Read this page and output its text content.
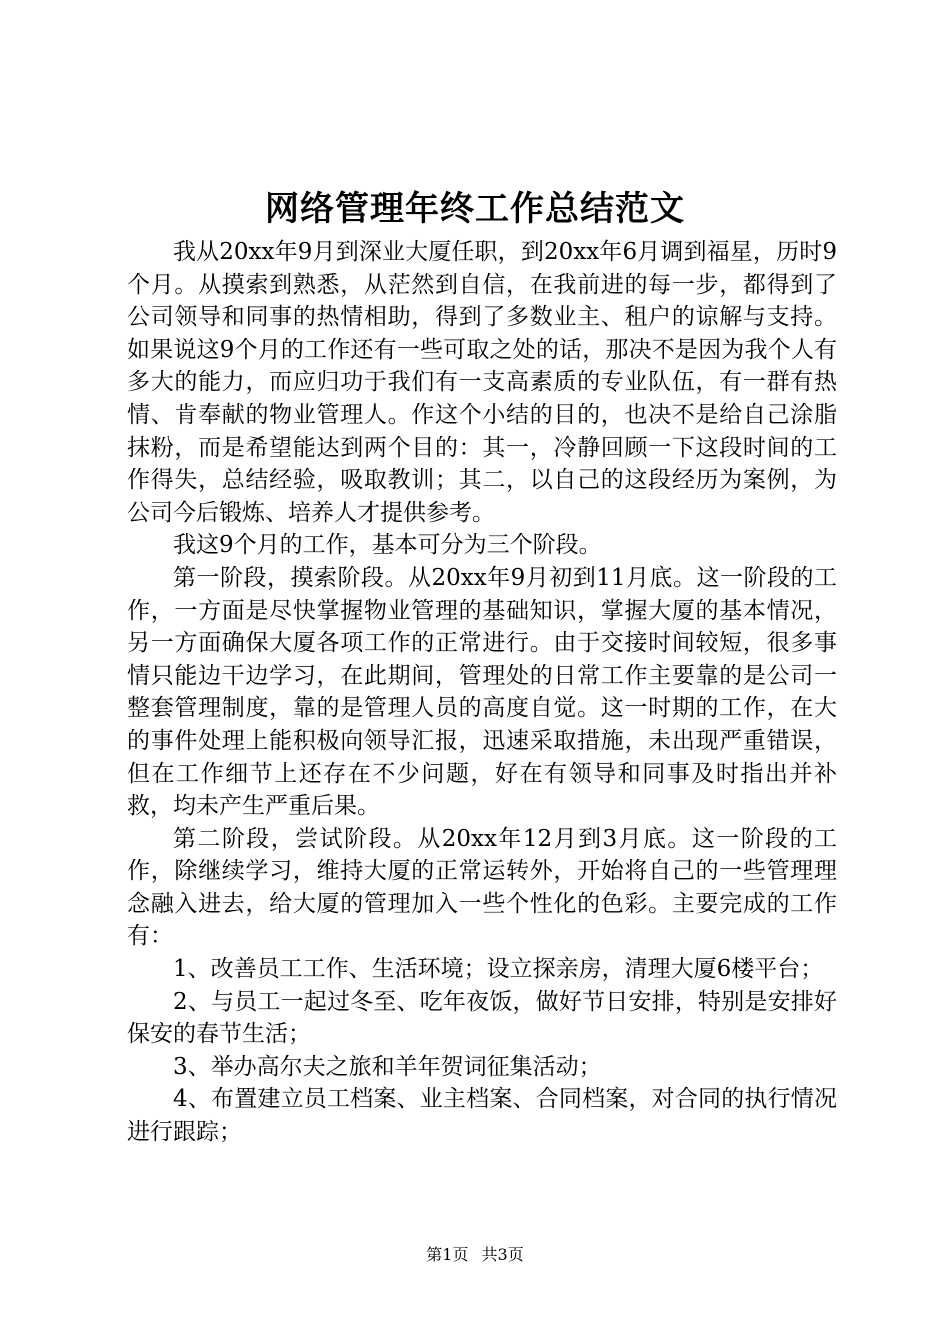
网络管理年终工作总结范文

我从20xx年9月到深业大厦任职，到20xx年6月调到福星，历时9个月。从摸索到熟悉，从茫然到自信，在我前进的每一步，都得到了公司领导和同事的热情相助，得到了多数业主、租户的谅解与支持。如果说这9个月的工作还有一些可取之处的话，那决不是因为我个人有多大的能力，而应归功于我们有一支高素质的专业队伍，有一群有热情、肯奉献的物业管理人。作这个小结的目的，也决不是给自己涂脂抹粉，而是希望能达到两个目的：其一，冷静回顾一下这段时间的工作得失，总结经验，吸取教训；其二，以自己的这段经历为案例，为公司今后锻炼、培养人才提供参考。

我这9个月的工作，基本可分为三个阶段。

第一阶段，摸索阶段。从20xx年9月初到11月底。这一阶段的工作，一方面是尽快掌握物业管理的基础知识，掌握大厦的基本情况，另一方面确保大厦各项工作的正常进行。由于交接时间较短，很多事情只能边干边学习，在此期间，管理处的日常工作主要靠的是公司一整套管理制度，靠的是管理人员的高度自觉。这一时期的工作，在大的事件处理上能积极向领导汇报，迅速采取措施，未出现严重错误，但在工作细节上还存在不少问题，好在有领导和同事及时指出并补救，均未产生严重后果。

第二阶段，尝试阶段。从20xx年12月到3月底。这一阶段的工作，除继续学习，维持大厦的正常运转外，开始将自己的一些管理理念融入进去，给大厦的管理加入一些个性化的色彩。主要完成的工作有：

1、改善员工工作、生活环境；设立探亲房，清理大厦6楼平台；

2、与员工一起过冬至、吃年夜饭，做好节日安排，特别是安排好保安的春节生活；

3、举办高尔夫之旅和羊年贺词征集活动；

4、布置建立员工档案、业主档案、合同档案，对合同的执行情况进行跟踪；

第1页 共3页
